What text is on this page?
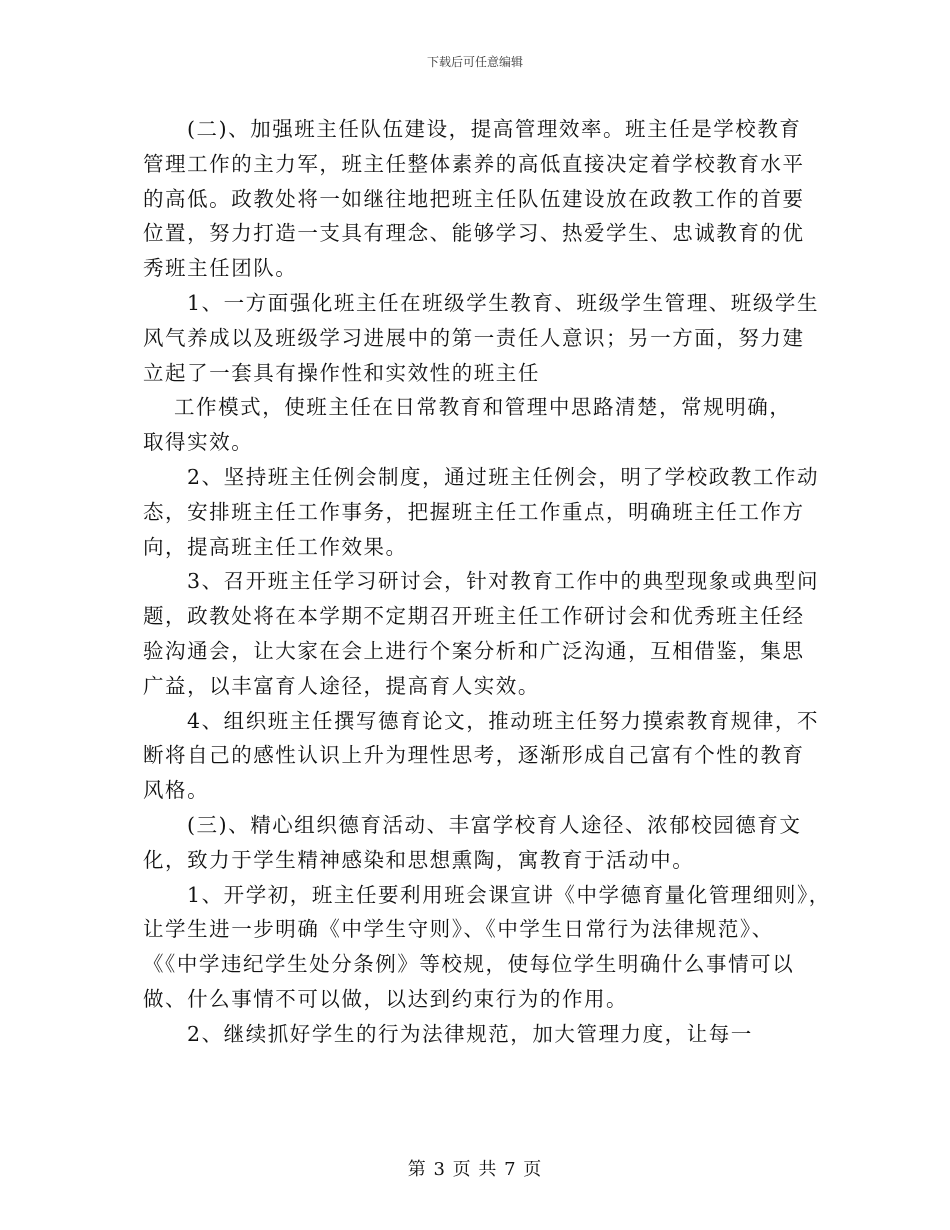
下载后可任意编辑
(二)、加强班主任队伍建设，提高管理效率。班主任是学校教育
管理工作的主力军，班主任整体素养的高低直接决定着学校教育水平
的高低。政教处将一如继往地把班主任队伍建设放在政教工作的首要
位置，努力打造一支具有理念、能够学习、热爱学生、忠诚教育的优
秀班主任团队。
1、一方面强化班主任在班级学生教育、班级学生管理、班级学生
风气养成以及班级学习进展中的第一责任人意识；另一方面，努力建
立起了一套具有操作性和实效性的班主任
工作模式，使班主任在日常教育和管理中思路清楚，常规明确，
取得实效。
2、坚持班主任例会制度，通过班主任例会，明了学校政教工作动
态，安排班主任工作事务，把握班主任工作重点，明确班主任工作方
向，提高班主任工作效果。
3、召开班主任学习研讨会，针对教育工作中的典型现象或典型问
题，政教处将在本学期不定期召开班主任工作研讨会和优秀班主任经
验沟通会，让大家在会上进行个案分析和广泛沟通，互相借鉴，集思
广益，以丰富育人途径，提高育人实效。
4、组织班主任撰写德育论文，推动班主任努力摸索教育规律，不
断将自己的感性认识上升为理性思考，逐渐形成自己富有个性的教育
风格。
(三)、精心组织德育活动、丰富学校育人途径、浓郁校园德育文
化，致力于学生精神感染和思想熏陶，寓教育于活动中。
1、开学初，班主任要利用班会课宣讲《中学德育量化管理细则》，
让学生进一步明确《中学生守则》、《中学生日常行为法律规范》、
《《中学违纪学生处分条例》等校规，使每位学生明确什么事情可以
做、什么事情不可以做，以达到约束行为的作用。
2、继续抓好学生的行为法律规范，加大管理力度，让每一
第 3 页 共 7 页
